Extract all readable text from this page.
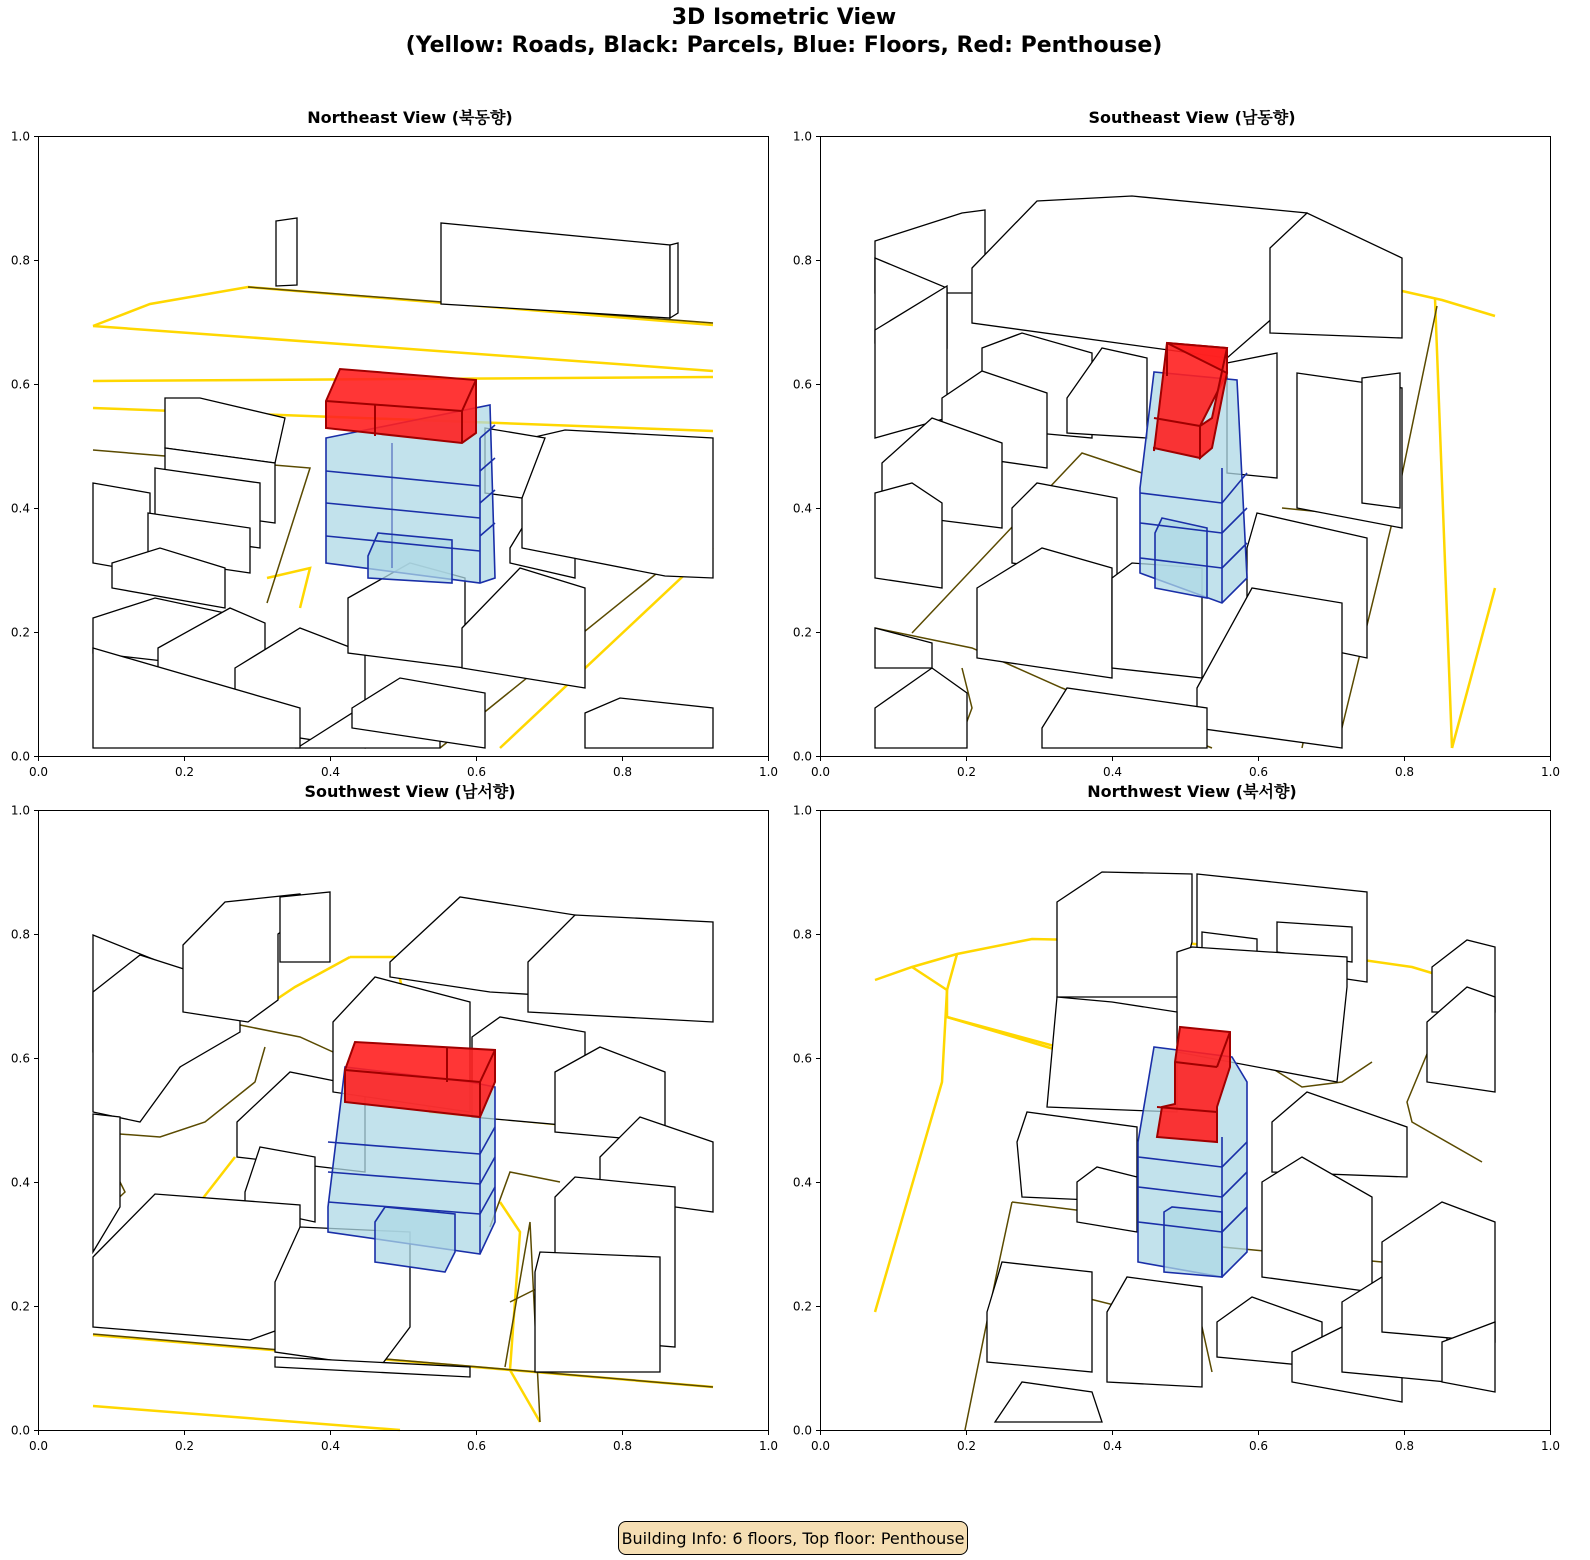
3D Isometric View
(Yellow: Roads, Black: Parcels, Blue: Floors, Red: Penthouse)
Northeast View (북동향)
0.0	0.2	0.4	0.6	0.8	1.0
0.0
0.2
0.4
0.6
0.8
1.0
Southeast View (남동향)
0.0	0.2	0.4	0.6	0.8	1.0
0.0
0.2
0.4
0.6
0.8
1.0
Southwest View (남서향)
0.0	0.2	0.4	0.6	0.8	1.0
0.0
0.2
0.4
0.6
0.8
1.0
Northwest View (북서향)
0.0	0.2	0.4	0.6	0.8	1.0
0.0
0.2
0.4
0.6
0.8
1.0
Building Info: 6 floors, Top floor: Penthouse
